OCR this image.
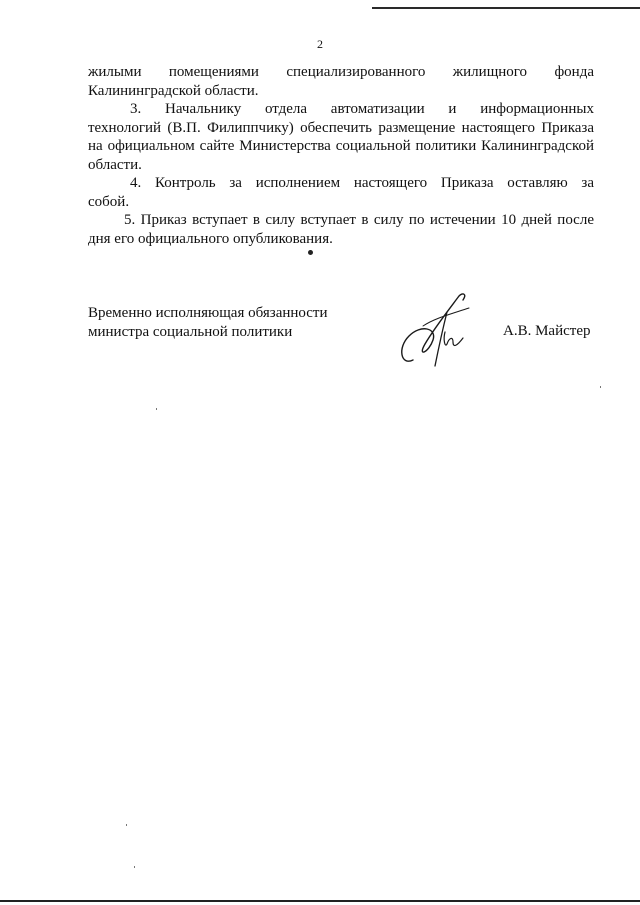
2

жилыми помещениями специализированного жилищного фонда
Калининградской области.

3. Начальнику отдела автоматизации и информационных
технологий (В.П. Филиппчику) обеспечить размещение настоящего Приказа на официальном сайте Министерства социальной политики Калининградской области.

4. Контроль за исполнением настоящего Приказа оставляю за
собой.

5. Приказ вступает в силу вступает в силу по истечении 10 дней после
дня его официального опубликования.

Временно исполняющая обязанности
министра социальной политики	А.В. Майстер
